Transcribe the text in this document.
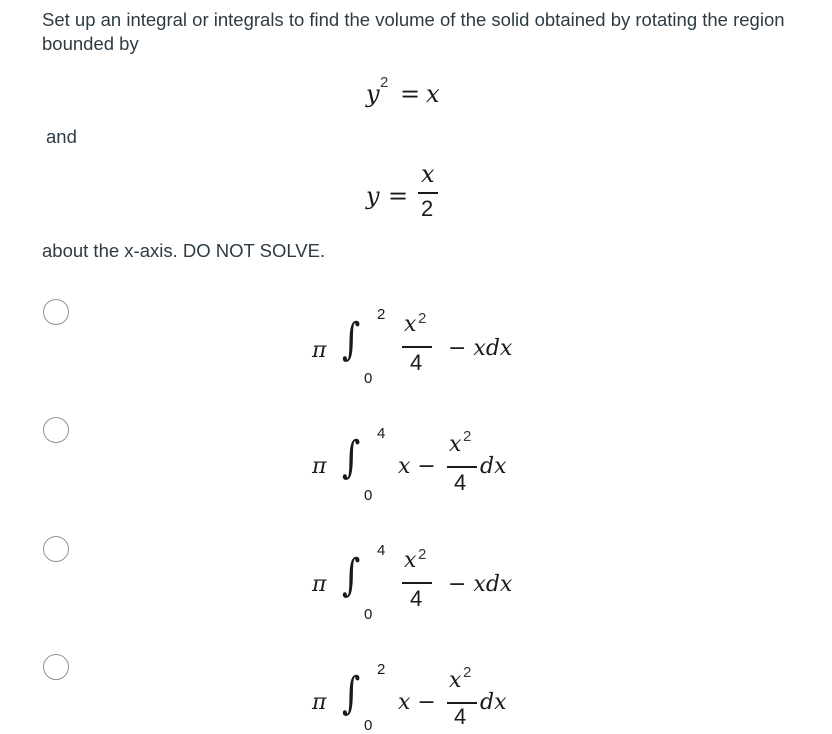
Set up an integral or integrals to find the volume of the solid obtained by rotating the region bounded by
y 2 = x
and
y =
x
2
about the x-axis. DO NOT SOLVE.
π ∫ 2
0
x 2
4
− xdx
π ∫ 4
0
x −
x 2
4
dx
π ∫ 4
0
x 2
4
− xdx
π ∫ 2
0
x −
x 2
4
dx
